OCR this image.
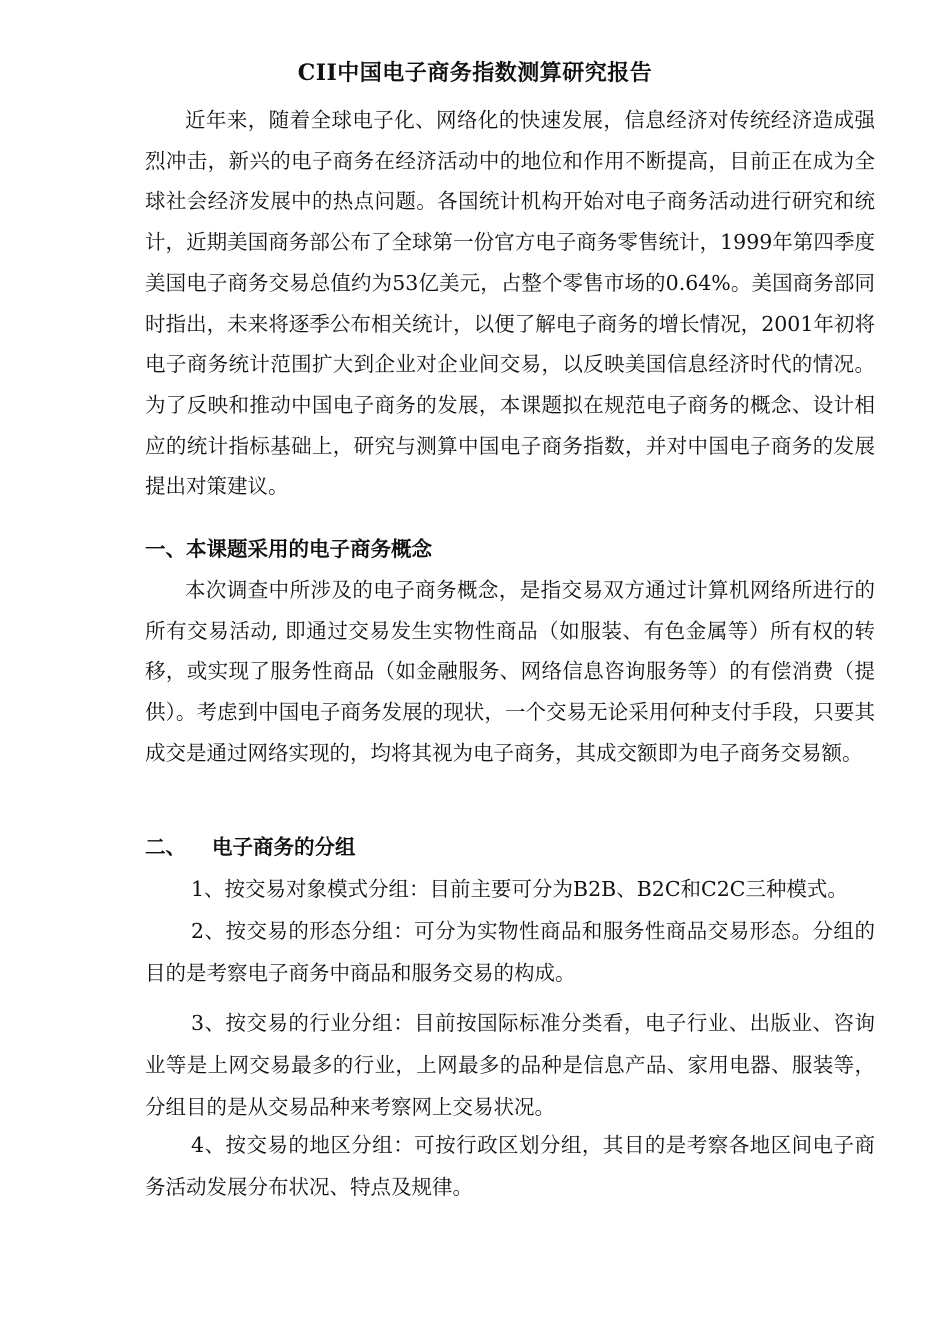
CII中国电子商务指数测算研究报告

近年来，随着全球电子化、网络化的快速发展，信息经济对传统经济造成强烈冲击，新兴的电子商务在经济活动中的地位和作用不断提高，目前正在成为全球社会经济发展中的热点问题。各国统计机构开始对电子商务活动进行研究和统计，近期美国商务部公布了全球第一份官方电子商务零售统计，1999年第四季度美国电子商务交易总值约为53亿美元，占整个零售市场的0.64%。美国商务部同时指出，未来将逐季公布相关统计，以便了解电子商务的增长情况，2001年初将电子商务统计范围扩大到企业对企业间交易，以反映美国信息经济时代的情况。为了反映和推动中国电子商务的发展，本课题拟在规范电子商务的概念、设计相应的统计指标基础上，研究与测算中国电子商务指数，并对中国电子商务的发展提出对策建议。

一、本课题采用的电子商务概念

本次调查中所涉及的电子商务概念，是指交易双方通过计算机网络所进行的所有交易活动, 即通过交易发生实物性商品（如服装、有色金属等）所有权的转移，或实现了服务性商品（如金融服务、网络信息咨询服务等）的有偿消费（提供）。考虑到中国电子商务发展的现状，一个交易无论采用何种支付手段，只要其成交是通过网络实现的，均将其视为电子商务，其成交额即为电子商务交易额。

二、 电子商务的分组

1、按交易对象模式分组：目前主要可分为B2B、B2C和C2C三种模式。

2、按交易的形态分组：可分为实物性商品和服务性商品交易形态。分组的目的是考察电子商务中商品和服务交易的构成。

3、按交易的行业分组：目前按国际标准分类看，电子行业、出版业、咨询业等是上网交易最多的行业，上网最多的品种是信息产品、家用电器、服装等，分组目的是从交易品种来考察网上交易状况。

4、按交易的地区分组：可按行政区划分组，其目的是考察各地区间电子商务活动发展分布状况、特点及规律。
